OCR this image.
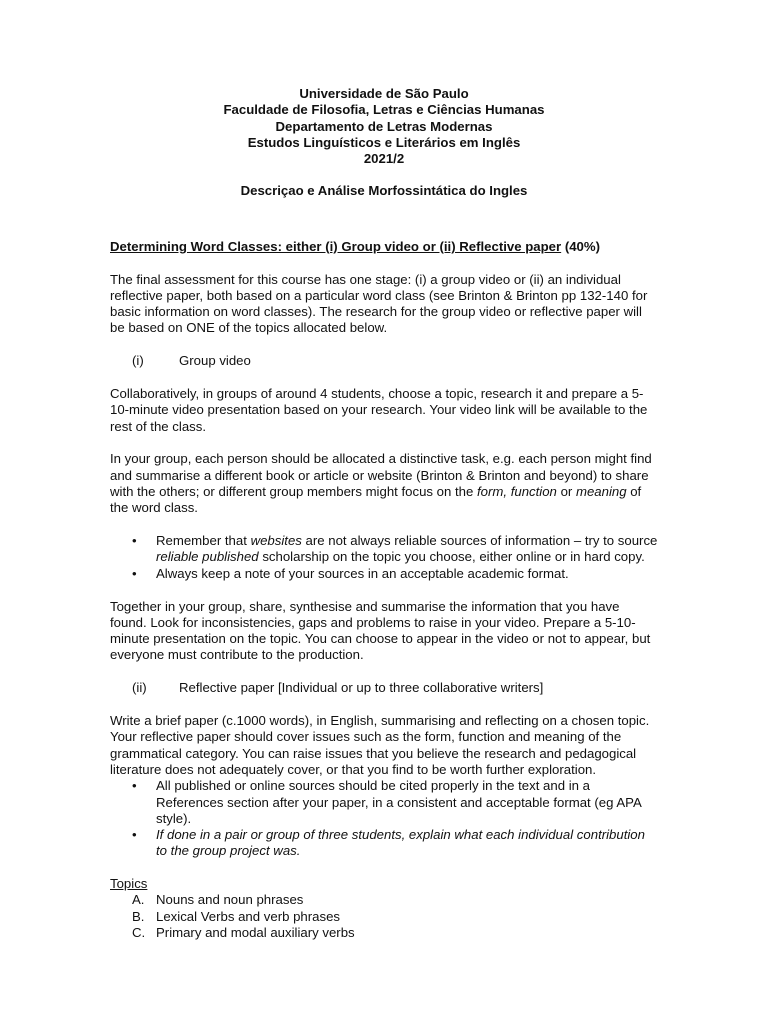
Universidade de São Paulo
Faculdade de Filosofia, Letras e Ciências Humanas
Departamento de Letras Modernas
Estudos Linguísticos e Literários em Inglês
2021/2
Descriçao e Análise Morfossintática do Ingles
Determining Word Classes: either (i) Group video or (ii) Reflective paper (40%)

The final assessment for this course has one stage: (i) a group video or (ii) an individual reflective paper, both based on a particular word class (see Brinton & Brinton pp 132-140 for basic information on word classes). The research for the group video or reflective paper will be based on ONE of the topics allocated below.

(i)	Group video

Collaboratively, in groups of around 4 students, choose a topic, research it and prepare a 5-10-minute video presentation based on your research. Your video link will be available to the rest of the class.

In your group, each person should be allocated a distinctive task, e.g. each person might find and summarise a different book or article or website (Brinton & Brinton and beyond) to share with the others; or different group members might focus on the form, function or meaning of the word class.

• Remember that websites are not always reliable sources of information – try to source reliable published scholarship on the topic you choose, either online or in hard copy.
• Always keep a note of your sources in an acceptable academic format.

Together in your group, share, synthesise and summarise the information that you have found. Look for inconsistencies, gaps and problems to raise in your video. Prepare a 5-10-minute presentation on the topic. You can choose to appear in the video or not to appear, but everyone must contribute to the production.

(ii)	Reflective paper [Individual or up to three collaborative writers]

Write a brief paper (c.1000 words), in English, summarising and reflecting on a chosen topic. Your reflective paper should cover issues such as the form, function and meaning of the grammatical category. You can raise issues that you believe the research and pedagogical literature does not adequately cover, or that you find to be worth further exploration.

• All published or online sources should be cited properly in the text and in a References section after your paper, in a consistent and acceptable format (eg APA style).
• If done in a pair or group of three students, explain what each individual contribution to the group project was.
Topics
A. Nouns and noun phrases
B. Lexical Verbs and verb phrases
C. Primary and modal auxiliary verbs
